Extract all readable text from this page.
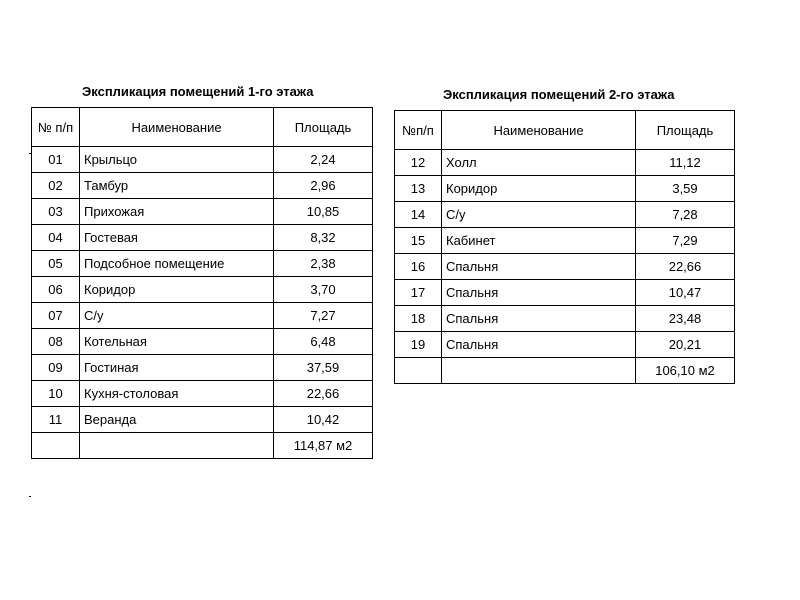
Экспликация помещений 1-го этажа
№ п/п	Наименование	Площадь
01	Крыльцо	2,24
02	Тамбур	2,96
03	Прихожая	10,85
04	Гостевая	8,32
05	Подсобное помещение	2,38
06	Коридор	3,70
07	С/у	7,27
08	Котельная	6,48
09	Гостиная	37,59
10	Кухня-столовая	22,66
11	Веранда	10,42
		114,87 м2
Экспликация помещений 2-го этажа
№п/п	Наименование	Площадь
12	Холл	11,12
13	Коридор	3,59
14	С/у	7,28
15	Кабинет	7,29
16	Спальня	22,66
17	Спальня	10,47
18	Спальня	23,48
19	Спальня	20,21
		106,10 м2
